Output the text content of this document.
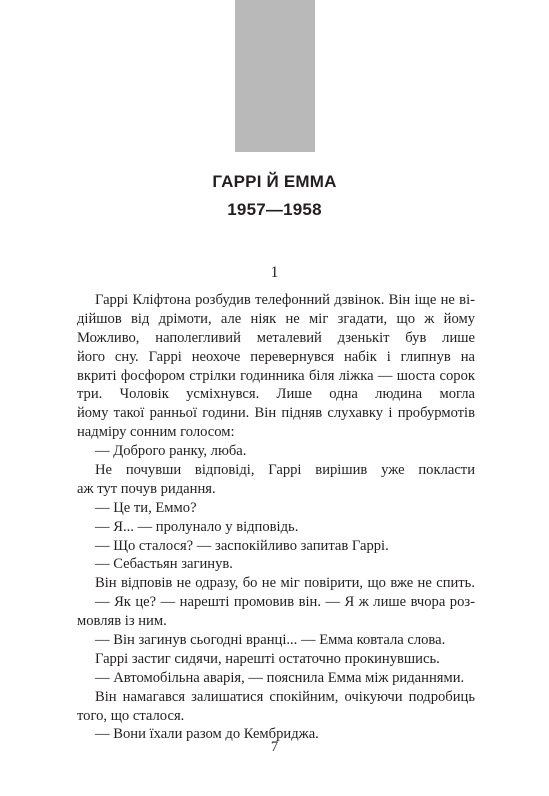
ГАРРІ Й ЕММА
1957—1958
1
Гаррі Кліфтона розбудив телефонний дзвінок. Він іще не ві-
дійшов від дрімоти, але ніяк не міг згадати, що ж йому
Можливо, наполегливий металевий дзенькіт був лише
його сну. Гаррі неохоче перевернувся набік і глипнув на
вкриті фосфором стрілки годинника біля ліжка — шоста сорок
три. Чоловік усміхнувся. Лише одна людина могла
йому такої ранньої години. Він підняв слухавку і пробурмотів
надміру сонним голосом:
— Доброго ранку, люба.
Не почувши відповіді, Гаррі вирішив уже покласти
аж тут почув ридання.
— Це ти, Еммо?
— Я... — пролунало у відповідь.
— Що сталося? — заспокійливо запитав Гаррі.
— Себастьян загинув.
Він відповів не одразу, бо не міг повірити, що вже не спить.
— Як це? — нарешті промовив він. — Я ж лише вчора роз-
мовляв із ним.
— Він загинув сьогодні вранці... — Емма ковтала слова.
Гаррі застиг сидячи, нарешті остаточно прокинувшись.
— Автомобільна аварія, — пояснила Емма між риданнями.
Він намагався залишатися спокійним, очікуючи подробиць
того, що сталося.
— Вони їхали разом до Кембриджа.
7
